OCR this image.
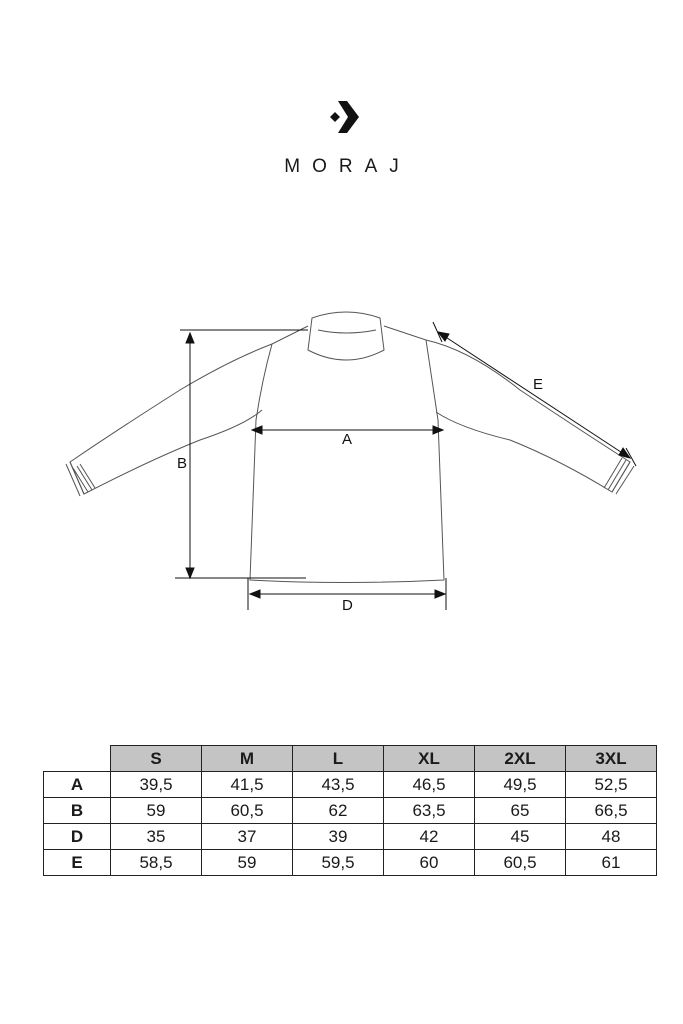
MORAJ
A
B
D
E
	S	M	L	XL	2XL	3XL
A	39,5	41,5	43,5	46,5	49,5	52,5
B	59	60,5	62	63,5	65	66,5
D	35	37	39	42	45	48
E	58,5	59	59,5	60	60,5	61
